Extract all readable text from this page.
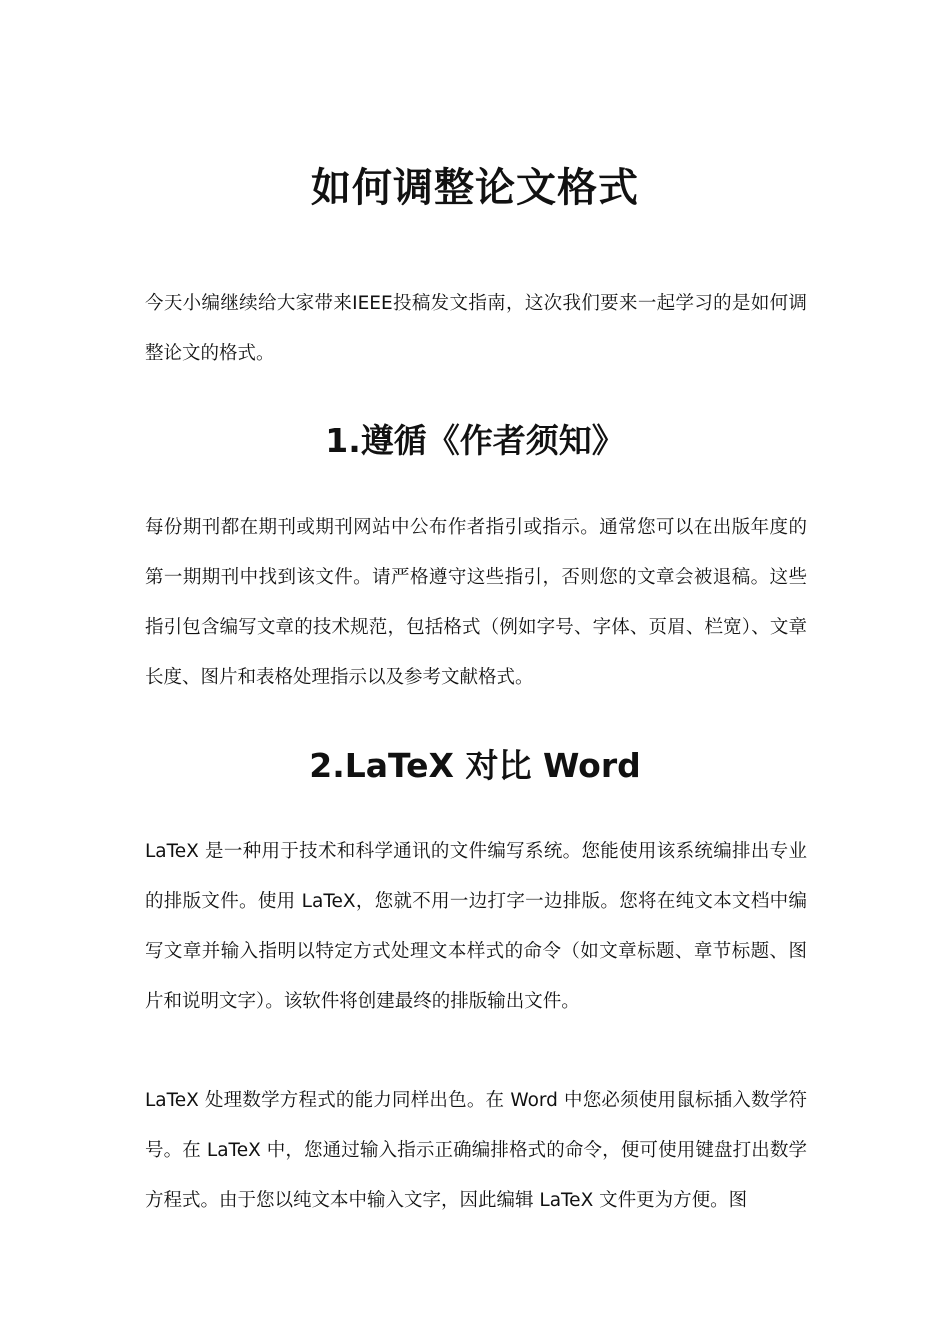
如何调整论文格式

今天小编继续给大家带来IEEE投稿发文指南，这次我们要来一起学习的是如何调整论文的格式。

1.遵循《作者须知》

每份期刊都在期刊或期刊网站中公布作者指引或指示。通常您可以在出版年度的第一期期刊中找到该文件。请严格遵守这些指引，否则您的文章会被退稿。这些指引包含编写文章的技术规范，包括格式（例如字号、字体、页眉、栏宽）、文章长度、图片和表格处理指示以及参考文献格式。

2.LaTeX 对比 Word

LaTeX 是一种用于技术和科学通讯的文件编写系统。您能使用该系统编排出专业的排版文件。使用 LaTeX，您就不用一边打字一边排版。您将在纯文本文档中编写文章并输入指明以特定方式处理文本样式的命令（如文章标题、章节标题、图片和说明文字）。该软件将创建最终的排版输出文件。

LaTeX 处理数学方程式的能力同样出色。在 Word 中您必须使用鼠标插入数学符号。在 LaTeX 中，您通过输入指示正确编排格式的命令，便可使用键盘打出数学方程式。由于您以纯文本中输入文字，因此编辑 LaTeX 文件更为方便。图
